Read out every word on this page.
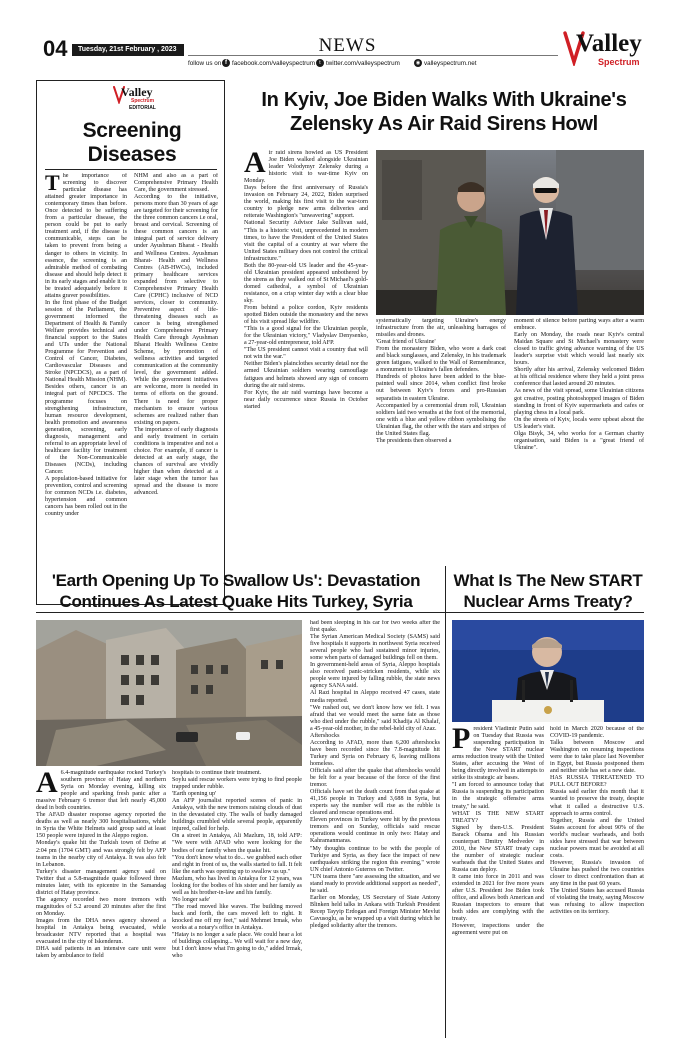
04	Tuesday, 21st February , 2023	NEWS
follow us on f facebook.com/valleyspectrum t twitter.com/valleyspectrum	◉ valleyspectrum.net
Valley
Spectrum
Valley
Spectrum
EDITORIAL
Screening Diseases
T he importance of screening to discover particular disease has attained greater importance in contemporary times than before. Once detected to be suffering from a particular disease, the person could be put to early treatment and, if the disease is communicable, steps can be taken to prevent from being a danger to others in vicinity. In essence, the screening is an admirable method of combating disease and should help detect it in its early stages and enable it to be treated adequately before it attains graver possibilities.

In the first phase of the Budget session of the Parliament, the government informed the Department of Health & Family Welfare provides technical and financial support to the States and UTs under the National Programme for Prevention and Control of Cancer, Diabetes, Cardiovascular Diseases and Stroke (NPCDCS), as a part of National Health Mission (NHM). Besides others, cancer is an integral part of NPCDCS. The programme focuses on strengthening infrastructure, human resource development, health promotion and awareness generation, screening, early diagnosis, management and referral to an appropriate level of healthcare facility for treatment of the Non-Communicable Diseases (NCDs), including Cancer.

A population-based initiative for prevention, control and screening for common NCDs i.e. diabetes, hypertension and common cancers has been rolled out in the country under

NHM and also as a part of Comprehensive Primary Health Care, the government stressed.

According to the initiative, persons more than 30 years of age are targeted for their screening for the three common cancers i.e oral, breast and cervical. Screening of these common cancers is an integral part of service delivery under Ayushman Bharat - Health and Wellness Centres. Ayushman Bharat- Health and Wellness Centres (AB-HWCs), included primary healthcare services expanded from selective to Comprehensive Primary Health Care (CPHC) inclusive of NCD services, closer to community. Preventive aspect of life-threatening diseases such as cancer is being strengthened under Comprehensive Primary Health Care through Ayushman Bharat Health Wellness Centre Scheme, by promotion of wellness activities and targeted communication at the community level, the government added. While the government initiatives are welcome, more is needed in terms of efforts on the ground. There is need for proper mechanism to ensure various schemes are realized rather than existing on papers.

The importance of early diagnosis and early treatment in certain conditions is imperative and not a choice. For example, if cancer is detected at an early stage, the chances of survival are vividly higher than when detected at a later stage when the tumor has spread and the disease is more advanced.

In Kyiv, Joe Biden Walks With Ukraine's Zelensky As Air Raid Sirens Howl
A ir raid sirens howled as US President Joe Biden walked alongside Ukrainian leader Volodymyr Zelensky during a historic visit to war-time Kyiv on Monday.

Days before the first anniversary of Russia's invasion on February 24, 2022, Biden surprised the world, making his first visit to the war-torn country to pledge new arms deliveries and reiterate Washington's "unwavering" support.

National Security Advisor Jake Sullivan said, "This is a historic visit, unprecedented in modern times, to have the President of the United States visit the capital of a country at war where the United States military does not control the critical infrastructure."

Both the 80-year-old US leader and the 45-year-old Ukrainian president appeared unbothered by the sirens as they walked out of St Michael's gold-domed cathedral, a symbol of Ukrainian resistance, on a crisp winter day with a clear blue sky.

From behind a police cordon, Kyiv residents spotted Biden outside the monastery and the news of his visit spread like wildfire.

"This is a good signal for the Ukrainian people, for the Ukrainian victory," Vladyslav Denysenko, a 27-year-old entrepreneur, told AFP.

"The US president cannot visit a country that will not win the war."

Neither Biden's plainclothes security detail nor the armed Ukrainian soldiers wearing camouflage fatigues and helmets showed any sign of concern during the air raid sirens.

For Kyiv, the air raid warnings have become a near daily occurrence since Russia in October started

systematically targeting Ukraine's energy infrastructure from the air, unleashing barrages of missiles and drones.

'Great friend of Ukraine'

From the monastery Biden, who wore a dark coat and black sunglasses, and Zelensky, in his trademark green fatigues, walked to the Wall of Remembrance, a monument to Ukraine's fallen defenders.

Hundreds of photos have been added to the blue-painted wall since 2014, when conflict first broke out between Kyiv's forces and pro-Russian separatists in eastern Ukraine.

Accompanied by a ceremonial drum roll, Ukrainian soldiers laid two wreaths at the foot of the memorial, one with a blue and yellow ribbon symbolising the Ukrainian flag, the other with the stars and stripes of the United States flag.

The presidents then observed a

moment of silence before parting ways after a warm embrace.

Early on Monday, the roads near Kyiv's central Maidan Square and St Michael's monastery were closed to traffic giving advance warning of the US leader's surprise visit which would last nearly six hours.

Shortly after his arrival, Zelensky welcomed Biden at his official residence where they held a joint press conference that lasted around 20 minutes.

As news of the visit spread, some Ukrainian citizens got creative, posting photoshopped images of Biden standing in front of Kyiv supermarkets and cafes or playing chess in a local park.

On the streets of Kyiv, locals were upbeat about the US leader's visit.

Olga Bisyk, 34, who works for a German charity organisation, said Biden is a "great friend of Ukraine".

'Earth Opening Up To Swallow Us': Devastation Continues As Latest Quake Hits Turkey, Syria
A 6.4-magnitude earthquake rocked Turkey's southern province of Hatay and northern Syria on Monday evening, killing six people and sparking fresh panic after a massive February 6 tremor that left nearly 45,000 dead in both countries.

The AFAD disaster response agency reported the deaths as well as nearly 300 hospitalisations, while in Syria the White Helmets said group said at least 150 people were injured in the Aleppo region.

Monday's quake hit the Turkish town of Defne at 2:04 pm (1704 GMT) and was strongly felt by AFP teams in the nearby city of Antakya. It was also felt in Lebanon.

Turkey's disaster management agency said on Twitter that a 5.8-magnitude quake followed three minutes later, with its epicentre in the Samandag district of Hatay province.

The agency recorded two more tremors with magnitudes of 5.2 around 20 minutes after the first on Monday.

Images from the DHA news agency showed a hospital in Antakya being evacuated, while broadcaster NTV reported that a hospital was evacuated in the city of Iskenderun.

DHA said patients in an intensive care unit were taken by ambulance to field

hospitals to continue their treatment.

Soylu said rescue workers were trying to find people trapped under rubble.

'Earth opening up'

An AFP journalist reported scenes of panic in Antakya, with the new tremors raising clouds of dust in the devastated city. The walls of badly damaged buildings crumbled while several people, apparently injured, called for help.

On a street in Antakya, Ali Mazlum, 18, told AFP: "We were with AFAD who were looking for the bodies of our family when the quake hit.

"You don't know what to do... we grabbed each other and right in front of us, the walls started to fall. It felt like the earth was opening up to swallow us up."

Mazlum, who has lived in Antakya for 12 years, was looking for the bodies of his sister and her family as well as his brother-in-law and his family.

'No longer safe'

"The road moved like waves. The building moved back and forth, the cars moved left to right. It knocked me off my feet," said Mehmet Irmak, who works at a notary's office in Antakya.

"Hatay is no longer a safe place. We could hear a lot of buildings collapsing... We will wait for a new day, but I don't know what I'm going to do," added Irmak, who

had been sleeping in his car for two weeks after the first quake.

The Syrian American Medical Society (SAMS) said five hospitals it supports in northwest Syria received several people who had sustained minor injuries, some when parts of damaged buildings fell on them.

In government-held areas of Syria, Aleppo hospitals also received panic-stricken residents, while six people were injured by falling rubble, the state news agency SANA said.

Al Razi hospital in Aleppo received 47 cases, state media reported.

"We rushed out, we don't know how we felt. I was afraid that we would meet the same fate as those who died under the rubble," said Khadija Al Khalaf, a 45-year-old mother, in the rebel-held city of Azaz.

Aftershocks

According to AFAD, more than 6,200 aftershocks have been recorded since the 7.8-magnitude hit Turkey and Syria on February 6, leaving millions homeless.

Officials said after the quake that aftershocks would be felt for a year because of the force of the first tremor.

Officials have set the death count from that quake at 41,156 people in Turkey and 3,688 in Syria, but experts say the number will rise as the rubble is cleared and rescue operations end.

Eleven provinces in Turkey were hit by the previous tremors and on Sunday, officials said rescue operations would continue in only two: Hatay and Kahramanmaras.

"My thoughts continue to be with the people of Turkiye and Syria, as they face the impact of new earthquakes striking the region this evening," wrote UN chief Antonio Guterres on Twitter.

"UN teams there "are assessing the situation, and we stand ready to provide additional support as needed", he said.

Earlier on Monday, US Secretary of State Antony Blinken held talks in Ankara with Turkish President Recep Tayyip Erdogan and Foreign Minister Mevlut Cavusoglu, as he wrapped up a visit during which he pledged solidarity after the tremors.

What Is The New START Nuclear Arms Treaty?
P resident Vladimir Putin said on Tuesday that Russia was suspending participation in the New START nuclear arms reduction treaty with the United States, after accusing the West of being directly involved in attempts to strike its strategic air bases.

"I am forced to announce today that Russia is suspending its participation in the strategic offensive arms treaty," he said.

WHAT IS THE NEW START TREATY?

Signed by then-U.S. President Barack Obama and his Russian counterpart Dmitry Medvedev in 2010, the New START treaty caps the number of strategic nuclear warheads that the United States and Russia can deploy.

It came into force in 2011 and was extended in 2021 for five more years after U.S. President Joe Biden took office, and allows both American and Russian inspectors to ensure that both sides are complying with the treaty.

However, inspections under the agreement were put on

hold in March 2020 because of the COVID-19 pandemic.

Talks between Moscow and Washington on resuming inspections were due to take place last November in Egypt, but Russia postponed them and neither side has set a new date.

HAS RUSSIA THREATENED TO PULL OUT BEFORE?

Russia said earlier this month that it wanted to preserve the treaty, despite what it called a destructive U.S. approach to arms control.

Together, Russia and the United States account for about 90% of the world's nuclear warheads, and both sides have stressed that war between nuclear powers must be avoided at all costs.

However, Russia's invasion of Ukraine has pushed the two countries closer to direct confrontation than at any time in the past 60 years.

The United States has accused Russia of violating the treaty, saying Moscow was refusing to allow inspection activities on its territory.
